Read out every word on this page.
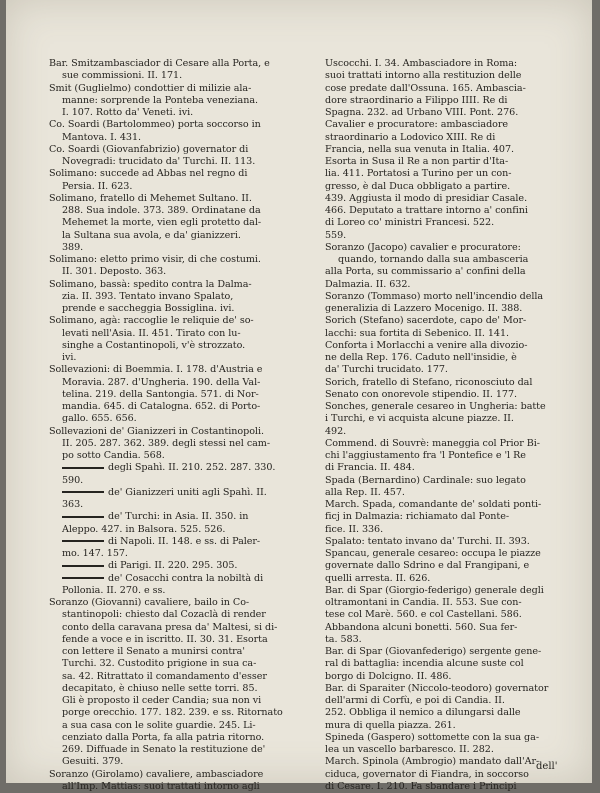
Bar. Smitzambasciador di Cesare alla Porta, e
sue commissioni. II. 171.
Smit (Guglielmo) condottier di milizie ala-
manne: sorprende la Ponteba veneziana.
I. 107. Rotto da' Veneti. ivi.
Co. Soardi (Bartolommeo) porta soccorso in
Mantova. I. 431.
Co. Soardi (Giovanfabrizio) governator di
Novegradi: trucidato da' Turchi. II. 113.
Solimano: succede ad Abbas nel regno di
Persia. II. 623.
Solimano, fratello di Mehemet Sultano. II.
288. Sua indole. 373. 389. Ordinatane da
Mehemet la morte, vien egli protetto dal-
la Sultana sua avola, e da' gianizzeri.
389.
Solimano: eletto primo visir, di che costumi.
II. 301. Deposto. 363.
Solimano, bassà: spedito contra la Dalma-
zia. II. 393. Tentato invano Spalato,
prende e saccheggia Bossiglina. ivi.
Solimano, agà: raccoglie le reliquie de' so-
levati nell'Asia. II. 451. Tirato con lu-
singhe a Costantinopoli, v'è strozzato.
ivi.
Sollevazioni: di Boemmia. I. 178. d'Austria e
Moravia. 287. d'Ungheria. 190. della Val-
telina. 219. della Santongia. 571. di Nor-
mandia. 645. di Catalogna. 652. di Porto-
gallo. 655. 656.
Sollevazioni de' Gianizzeri in Costantinopoli.
II. 205. 287. 362. 389. degli stessi nel cam-
po sotto Candia. 568.
degli Spahì. II. 210. 252. 287. 330.
590.
de' Gianizzeri uniti agli Spahì. II.
363.
de' Turchi: in Asia. II. 350. in
Aleppo. 427. in Balsora. 525. 526.
di Napoli. II. 148. e ss. di Paler-
mo. 147. 157.
di Parigi. II. 220. 295. 305.
de' Cosacchi contra la nobiltà di
Pollonia. II. 270. e ss.
Soranzo (Giovanni) cavaliere, bailo in Co-
stantinopoli: chiesto dal Cozaclà di render
conto della caravana presa da' Maltesi, si di-
fende a voce e in iscritto. II. 30. 31. Esorta
con lettere il Senato a munirsi contra'
Turchi. 32. Custodito prigione in sua ca-
sa. 42. Ritrattato il comandamento d'esser
decapitato, è chiuso nelle sette torri. 85.
Gli è proposto il ceder Candia; sua non vi
porge orecchio. 177. 182. 239. e ss. Ritornato
a sua casa con le solite guardie. 245. Li-
cenziato dalla Porta, fa alla patria ritorno.
269. Diffuade in Senato la restituzione de'
Gesuiti. 379.
Soranzo (Girolamo) cavaliere, ambasciadore
all'Imp. Mattias: suoi trattati intorno agli
Uscocchi. I. 34. Ambasciadore in Roma:
suoi trattati intorno alla restituzion delle
cose predate dall'Ossuna. 165. Ambascia-
dore straordinario a Filippo IIII. Re di
Spagna. 232. ad Urbano VIII. Pont. 276.
Cavalier e procuratore: ambasciadore
straordinario a Lodovico XIII. Re di
Francia, nella sua venuta in Italia. 407.
Esorta in Susa il Re a non partir d'Ita-
lia. 411. Portatosi a Turino per un con-
gresso, è dal Duca obbligato a partire.
439. Aggiusta il modo di presidiar Casale.
466. Deputato a trattare intorno a' confini
di Loreo co' ministri Francesi. 522.
559.
Soranzo (Jacopo) cavalier e procuratore:
quando, tornando dalla sua ambasceria
alla Porta, su commissario a' confini della
Dalmazia. II. 632.
Soranzo (Tommaso) morto nell'incendio della
generalizia di Lazzero Mocenigo. II. 388.
Sorich (Stefano) sacerdote, capo de' Mor-
lacchi: sua fortita di Sebenico. II. 141.
Conforta i Morlacchi a venire alla divozio-
ne della Rep. 176. Caduto nell'insidie, è
da' Turchi trucidato. 177.
Sorich, fratello di Stefano, riconosciuto dal
Senato con onorevole stipendio. II. 177.
Sonches, generale cesareo in Ungheria: batte
i Turchi, e vi acquista alcune piazze. II.
492.
Commend. di Souvrè: maneggia col Prior Bi-
chi l'aggiustamento fra 'l Pontefice e 'l Re
di Francia. II. 484.
Spada (Bernardino) Cardinale: suo legato
alla Rep. II. 457.
March. Spada, comandante de' soldati ponti-
ficj in Dalmazia: richiamato dal Ponte-
fice. II. 336.
Spalato: tentato invano da' Turchi. II. 393.
Spancau, generale cesareo: occupa le piazze
governate dallo Sdrino e dal Frangipani, e
quelli arresta. II. 626.
Bar. di Spar (Giorgio-federigo) generale degli
oltramontani in Candia. II. 553. Sue con-
tese col Marè. 560. e col Castellani. 586.
Abbandona alcuni bonetti. 560. Sua fer-
ta. 583.
Bar. di Spar (Giovanfederigo) sergente gene-
ral di battaglia: incendia alcune suste col
borgo di Dolcigno. II. 486.
Bar. di Sparaiter (Niccolo-teodoro) governator
dell'armi di Corfù, e poi di Candia. II.
252. Obbliga il nemico a dilungarsi dalle
mura di quella piazza. 261.
Spineda (Gaspero) sottomette con la sua ga-
lea un vascello barbaresco. II. 282.
March. Spinola (Ambrogio) mandato dall'Ar-
ciduca, governator di Fiandra, in soccorso
di Cesare. I. 210. Fa sbandare i Principi
dell'
